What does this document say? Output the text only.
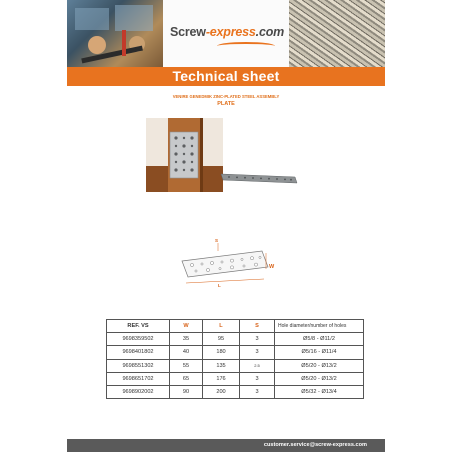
Screw-express.com
Technical sheet
VENIRE GENEDMIK ZINC-PLATED STEEL ASSEMBLY
PLATE
S
W
L
REF. VS	W	L	S	Hole diameter/number of holes
9698359502	35	95	3	Ø5/8 - Ø11/2
9698401802	40	180	3	Ø5/16 - Ø11/4
9698551302	55	135	2.5	Ø5/20 - Ø13/2
9698651702	65	176	3	Ø5/20 - Ø13/2
9698902002	90	200	3	Ø5/32 - Ø13/4
customer.service@screw-express.com
